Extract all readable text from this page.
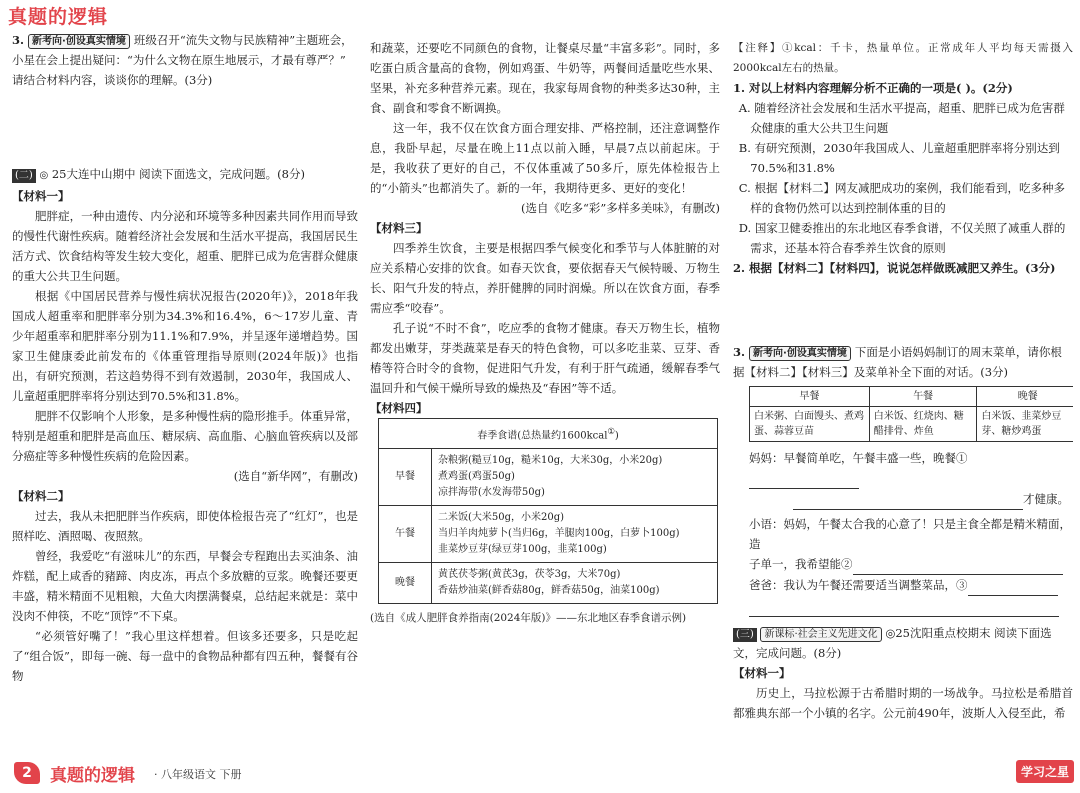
真题的逻辑

3. 新考向·创设真实情境 班级召开“流失文物与民族精神”主题班会，

小星在会上提出疑问：“为什么文物在原生地展示，才最有尊严？”

请结合材料内容，谈谈你的理解。(3分)

(二) ◎ 25大连中山期中 阅读下面选文，完成问题。(8分)

【材料一】

肥胖症，一种由遗传、内分泌和环境等多种因素共同作用而导致的慢性代谢性疾病。随着经济社会发展和生活水平提高，我国居民生活方式、饮食结构等发生较大变化，超重、肥胖已成为危害群众健康的重大公共卫生问题。

根据《中国居民营养与慢性病状况报告(2020年)》，2018年我国成人超重率和肥胖率分别为34.3%和16.4%，6～17岁儿童、青少年超重率和肥胖率分别为11.1%和7.9%，并呈逐年递增趋势。国家卫生健康委此前发布的《体重管理指导原则(2024年版)》也指出，有研究预测，若这趋势得不到有效遏制，2030年，我国成人、儿童超重肥胖率将分别达到70.5%和31.8%。

肥胖不仅影响个人形象，是多种慢性病的隐形推手。体重异常，特别是超重和肥胖是高血压、糖尿病、高血脂、心脑血管疾病以及部分癌症等多种慢性疾病的危险因素。

(选自“新华网”，有删改)

【材料二】

过去，我从未把肥胖当作疾病，即使体检报告亮了“红灯”，也是照样吃、酒照喝、夜照熬。

曾经，我爱吃“有滋味儿”的东西，早餐会专程跑出去买油条、油炸糕，配上咸香的豬蹄、肉皮冻，再点个多放糖的豆浆。晚餐还要更丰盛，精米精面不见粗粮，大鱼大肉摆满餐桌，总结起来就是：菜中没肉不伸筷，不吃“顶饽”不下桌。

“必须管好嘴了！”我心里这样想着。但该多还要多，只是吃起了“组合饭”，即每一碗、每一盘中的食物品种都有四五种，餐餐有谷物

和蔬菜，还要吃不同颜色的食物，让餐桌尽量“丰富多彩”。同时，多吃蛋白质含量高的食物，例如鸡蛋、牛奶等，两餐间适量吃些水果、坚果，补充多种营养元素。现在，我家每周食物的种类多达30种，主食、副食和零食不断调换。

这一年，我不仅在饮食方面合理安排、严格控制，还注意调整作息，我卧早起，尽量在晚上11点以前入睡，早晨7点以前起床。于是，我收获了更好的自己，不仅体重减了50多斤，原先体检报告上的“小箭头”也都消失了。新的一年，我期待更多、更好的变化！

(选自《吃多“彩”多样多美味》，有删改)

【材料三】

四季养生饮食，主要是根据四季气候变化和季节与人体脏腑的对应关系精心安排的饮食。如春天饮食，要依据春天气候特暖、万物生长、阳气升发的特点，养肝健脾的同时润燥。所以在饮食方面，春季需应季“咬春”。

孔子说“不时不食”，吃应季的食物才健康。春天万物生长，植物都发出嫩芽，芽类蔬菜是春天的特色食物，可以多吃韭菜、豆芽、香椿等符合时令的食物，促进阳气升发，有利于肝气疏通，缓解春季气温回升和气候干燥所导致的燥热及“春困”等不适。

【材料四】

春季食谱(总热量约1600kcal①)	
早餐	杂粮粥(糙豆10g，糙米10g，大米30g，小米20g)
煮鸡蛋(鸡蛋50g)
凉拌海带(水发海带50g)

午餐	二米饭(大米50g，小米20g)
当归羊肉炖萝卜(当归6g，羊腿肉100g，白萝卜100g)
韭菜炒豆芽(绿豆芽100g，韭菜100g)

晚餐	黄芪茯苓粥(黄芪3g，茯苓3g，大米70g)
香菇炒油菜(鲜香菇80g，鲜香菇50g，油菜100g)

(选自《成人肥胖食养指南(2024年版)》——东北地区春季食谱示例)

【注释】①kcal：千卡，热量单位。正常成年人平均每天需摄入2000kcal左右的热量。

1. 对以上材料内容理解分析不正确的一项是( )。(2分)

A. 随着经济社会发展和生活水平提高，超重、肥胖已成为危害群众健康的重大公共卫生问题

B. 有研究预测，2030年我国成人、儿童超重肥胖率将分别达到70.5%和31.8%

C. 根据【材料二】网友减肥成功的案例，我们能看到，吃多种多样的食物仍然可以达到控制体重的目的

D. 国家卫健委推出的东北地区春季食谱，不仅关照了减重人群的需求，还基本符合春季养生饮食的原则

2. 根据【材料二】【材料四】，说说怎样做既减肥又养生。(3分)

3. 新考向·创设真实情境 下面是小语妈妈制订的周末菜单，请你根据【材料二】【材料三】及菜单补全下面的对话。(3分)

早餐	午餐	晚餐
白米粥、白面馒头、煮鸡蛋、蒜蓉豆苗	白米饭、红烧肉、糖醋排骨、炸鱼	白米饭、韭菜炒豆芽、糖炒鸡蛋

妈妈：早餐简单吃，午餐丰盛一些，晚餐①

才健康。

小语：妈妈，午餐太合我的心意了！只是主食全都是精米精面，造

子单一，我希望能②

爸爸：我认为午餐还需要适当调整菜品，③

(三) 新课标·社会主义先进文化 ◎25沈阳重点校期末 阅读下面选文，完成问题。(8分)

【材料一】

历史上，马拉松源于古希腊时期的一场战争。马拉松是希腊首都雅典东部一个小镇的名字。公元前490年，波斯人入侵至此，希

2	真题的逻辑 · 八年级语文 下册	学习之星
